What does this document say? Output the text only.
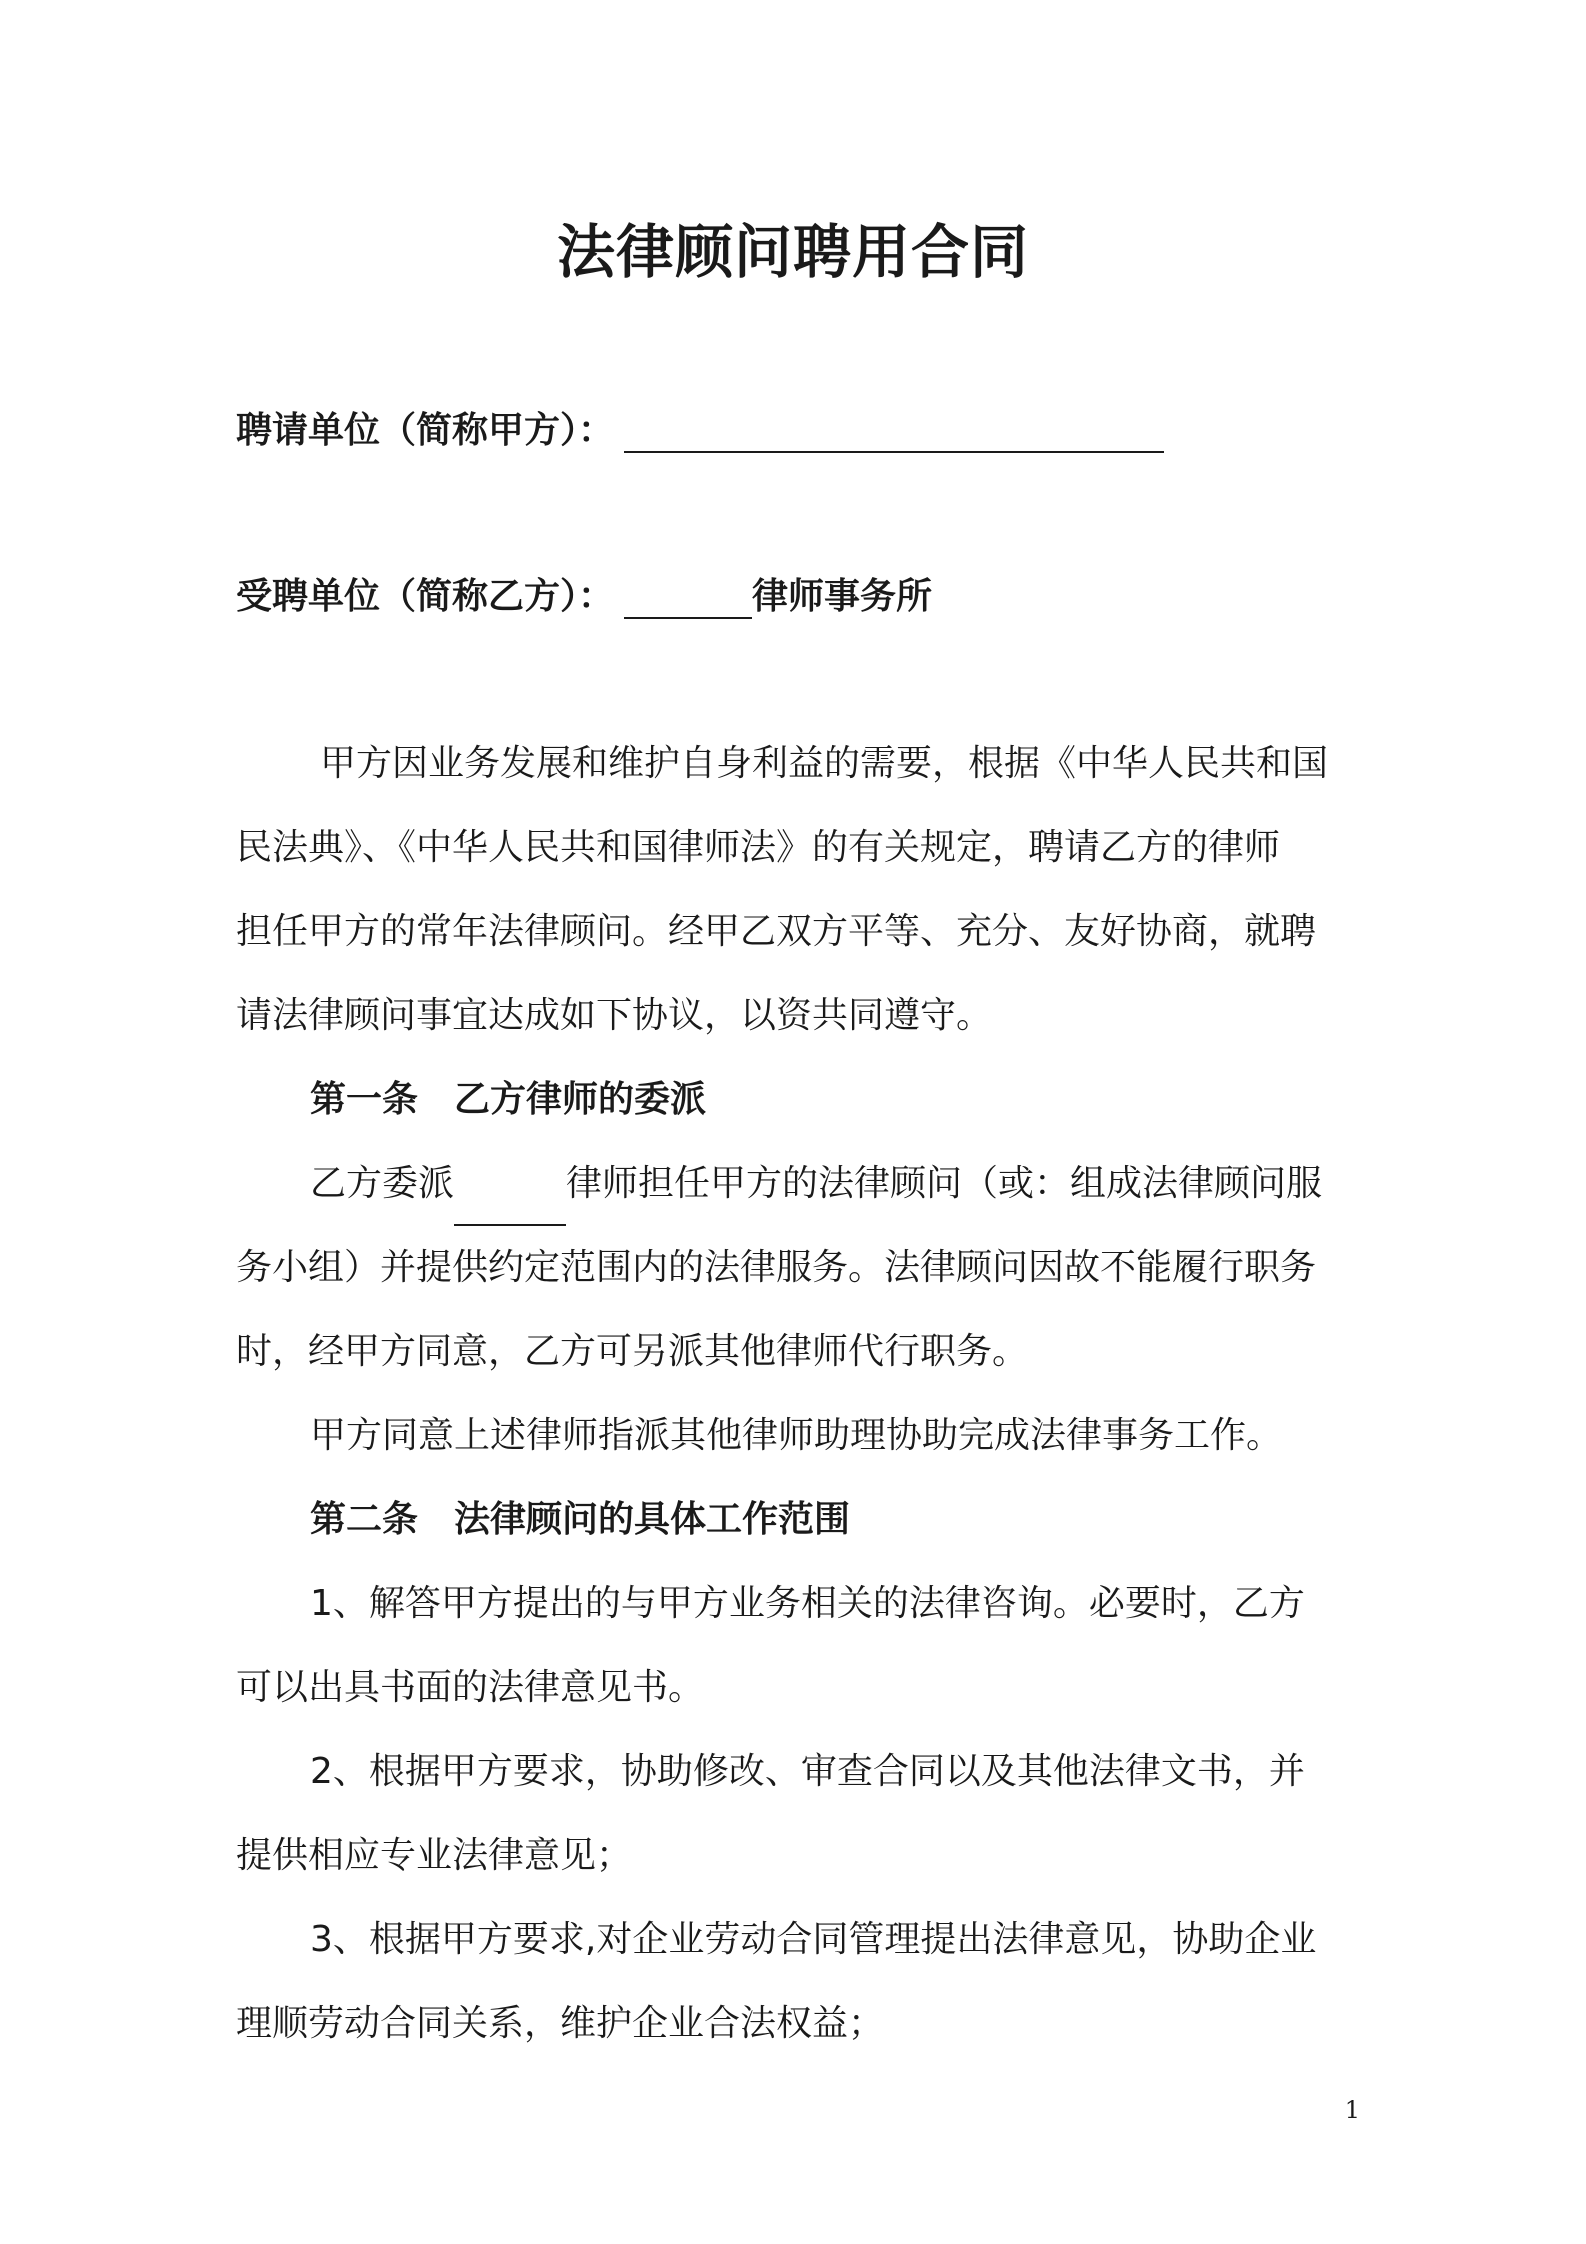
法律顾问聘用合同
聘请单位（简称甲方）：
受聘单位（简称乙方）：	律师事务所
甲方因业务发展和维护自身利益的需要，根据《中华人民共和国
民法典》、《中华人民共和国律师法》的有关规定，聘请乙方的律师
担任甲方的常年法律顾问。经甲乙双方平等、充分、友好协商，就聘
请法律顾问事宜达成如下协议，以资共同遵守。
第一条　乙方律师的委派
乙方委派	律师担任甲方的法律顾问（或：组成法律顾问服
务小组）并提供约定范围内的法律服务。法律顾问因故不能履行职务
时，经甲方同意，乙方可另派其他律师代行职务。
甲方同意上述律师指派其他律师助理协助完成法律事务工作。
第二条　法律顾问的具体工作范围
1、解答甲方提出的与甲方业务相关的法律咨询。必要时，乙方
可以出具书面的法律意见书。
2、根据甲方要求，协助修改、审查合同以及其他法律文书，并
提供相应专业法律意见；
3、根据甲方要求,对企业劳动合同管理提出法律意见，协助企业
理顺劳动合同关系，维护企业合法权益；
1
